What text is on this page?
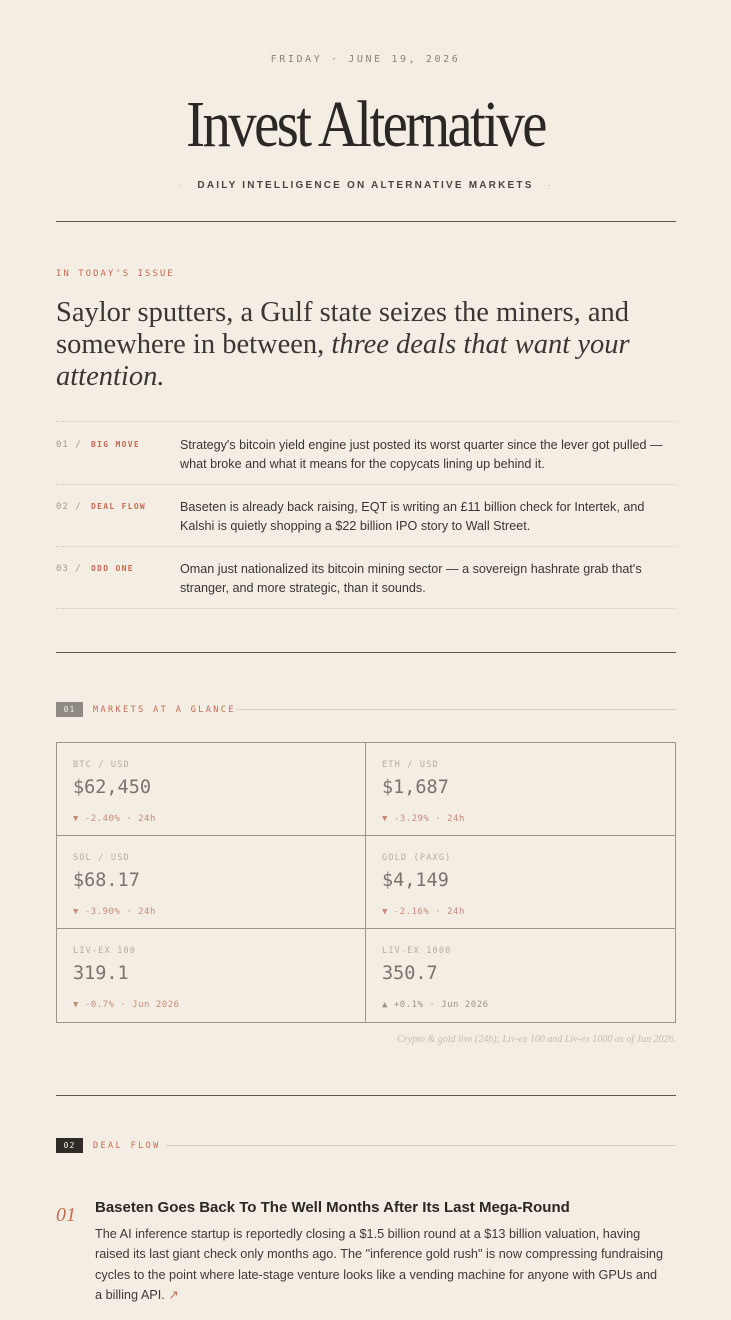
FRIDAY · JUNE 19, 2026
Invest Alternative
· DAILY INTELLIGENCE ON ALTERNATIVE MARKETS ·
IN TODAY'S ISSUE
Saylor sputters, a Gulf state seizes the miners, and somewhere in between, three deals that want your attention.
01 / BIG MOVE	Strategy's bitcoin yield engine just posted its worst quarter since the lever got pulled — what broke and what it means for the copycats lining up behind it.
02 / DEAL FLOW	Baseten is already back raising, EQT is writing an £11 billion check for Intertek, and Kalshi is quietly shopping a $22 billion IPO story to Wall Street.
03 / ODD ONE	Oman just nationalized its bitcoin mining sector — a sovereign hashrate grab that's stranger, and more strategic, than it sounds.
01	MARKETS AT A GLANCE
BTC / USD
$62,450
▼ -2.40% · 24h
ETH / USD
$1,687
▼ -3.29% · 24h
SOL / USD
$68.17
▼ -3.90% · 24h
GOLD (PAXG)
$4,149
▼ -2.16% · 24h
LIV-EX 100
319.1
▼ -0.7% · Jun 2026
LIV-EX 1000
350.7
▲ +0.1% · Jun 2026
Crypto & gold live (24h); Liv-ex 100 and Liv-ex 1000 as of Jun 2026.
02	DEAL FLOW
01 Baseten Goes Back To The Well Months After Its Last Mega-Round
The AI inference startup is reportedly closing a $1.5 billion round at a $13 billion valuation, having raised its last giant check only months ago. The "inference gold rush" is now compressing fundraising cycles to the point where late-stage venture looks like a vending machine for anyone with GPUs and a billing API. ↗
